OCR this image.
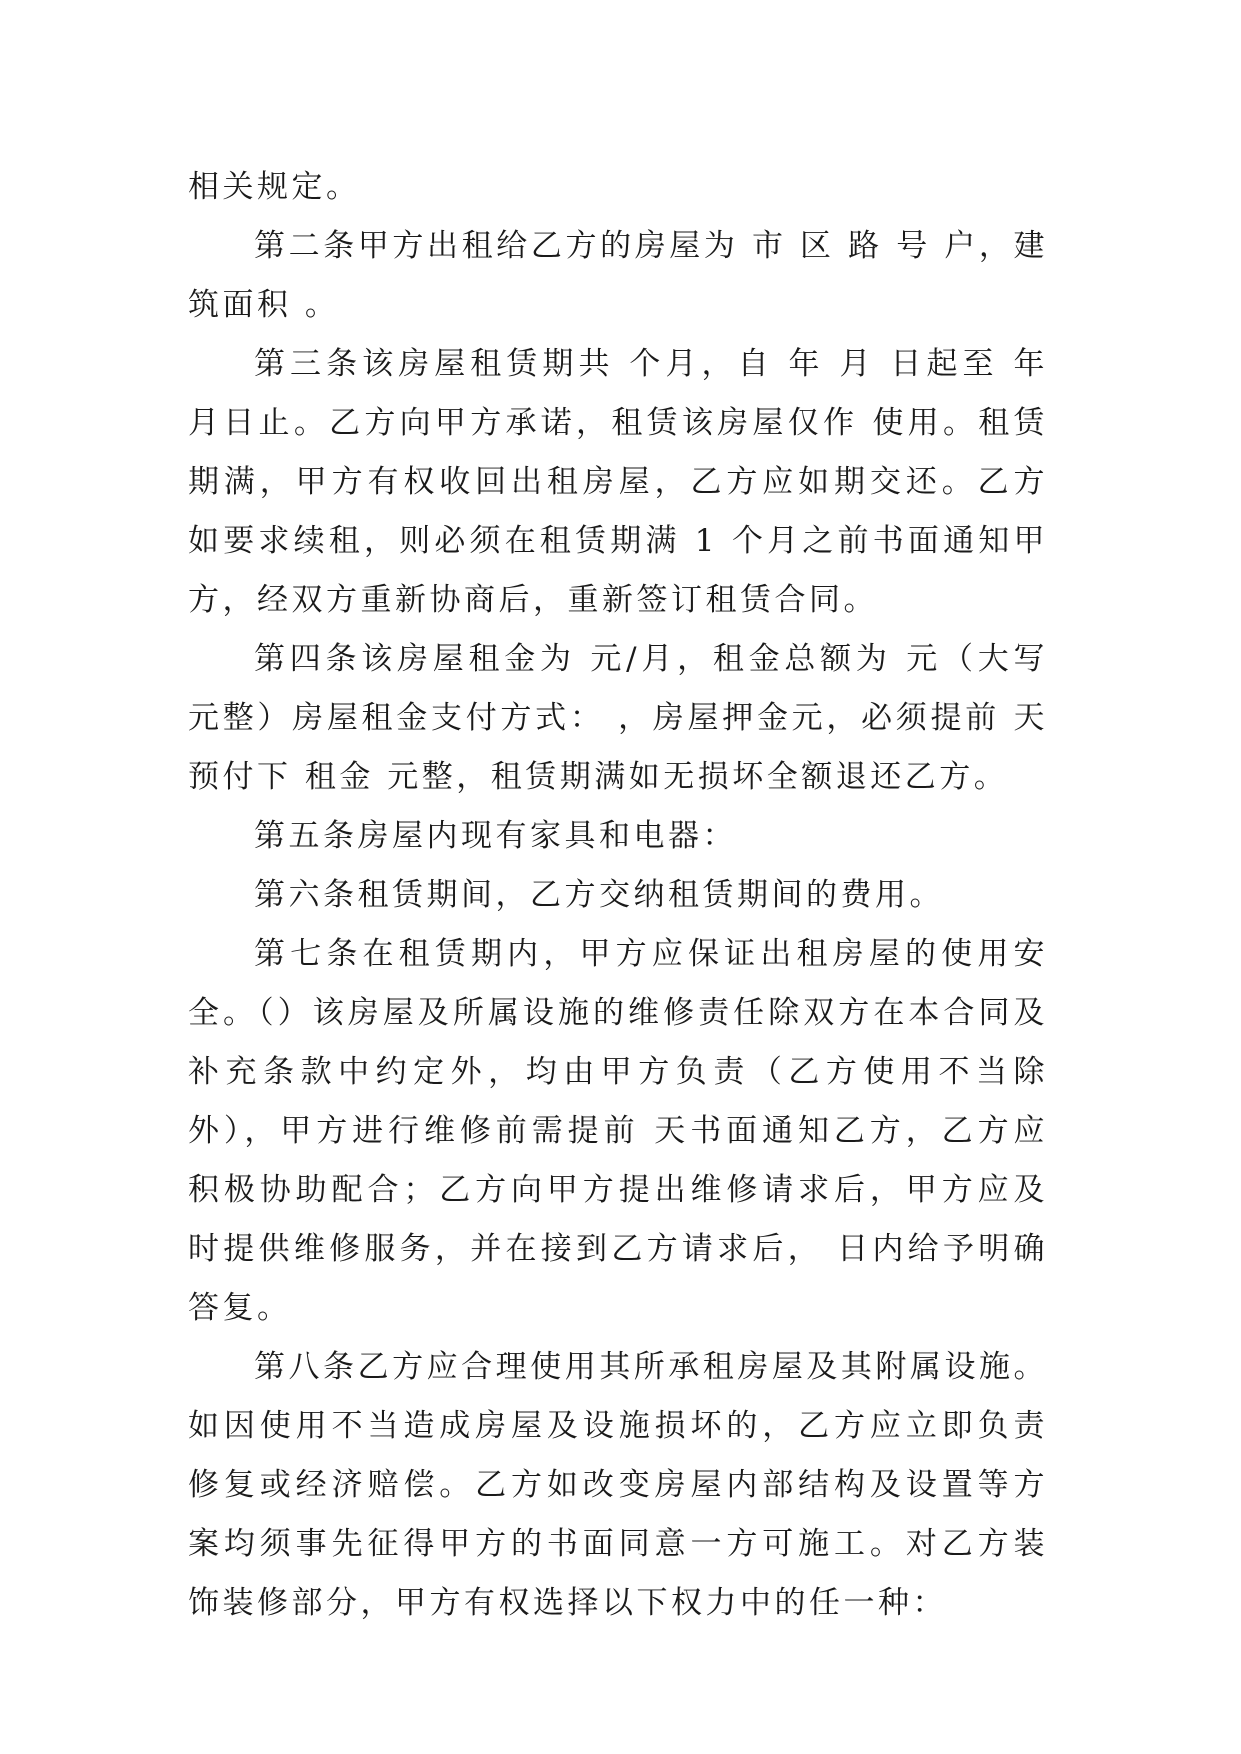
相关规定。

第二条甲方出租给乙方的房屋为 市 区 路 号 户，建筑面积 。

第三条该房屋租赁期共 个月，自 年 月 日起至 年 月日止。乙方向甲方承诺，租赁该房屋仅作 使用。租赁期满，甲方有权收回出租房屋，乙方应如期交还。乙方如要求续租，则必须在租赁期满 1 个月之前书面通知甲方，经双方重新协商后，重新签订租赁合同。

第四条该房屋租金为 元/月，租金总额为 元（大写 元整）房屋租金支付方式： ，房屋押金元，必须提前 天预付下 租金 元整，租赁期满如无损坏全额退还乙方。

第五条房屋内现有家具和电器：

第六条租赁期间，乙方交纳租赁期间的费用。

第七条在租赁期内，甲方应保证出租房屋的使用安全。（）该房屋及所属设施的维修责任除双方在本合同及补充条款中约定外，均由甲方负责（乙方使用不当除外），甲方进行维修前需提前 天书面通知乙方，乙方应积极协助配合；乙方向甲方提出维修请求后，甲方应及时提供维修服务，并在接到乙方请求后， 日内给予明确答复。

第八条乙方应合理使用其所承租房屋及其附属设施。如因使用不当造成房屋及设施损坏的，乙方应立即负责修复或经济赔偿。乙方如改变房屋内部结构及设置等方案均须事先征得甲方的书面同意一方可施工。对乙方装饰装修部分，甲方有权选择以下权力中的任一种：
